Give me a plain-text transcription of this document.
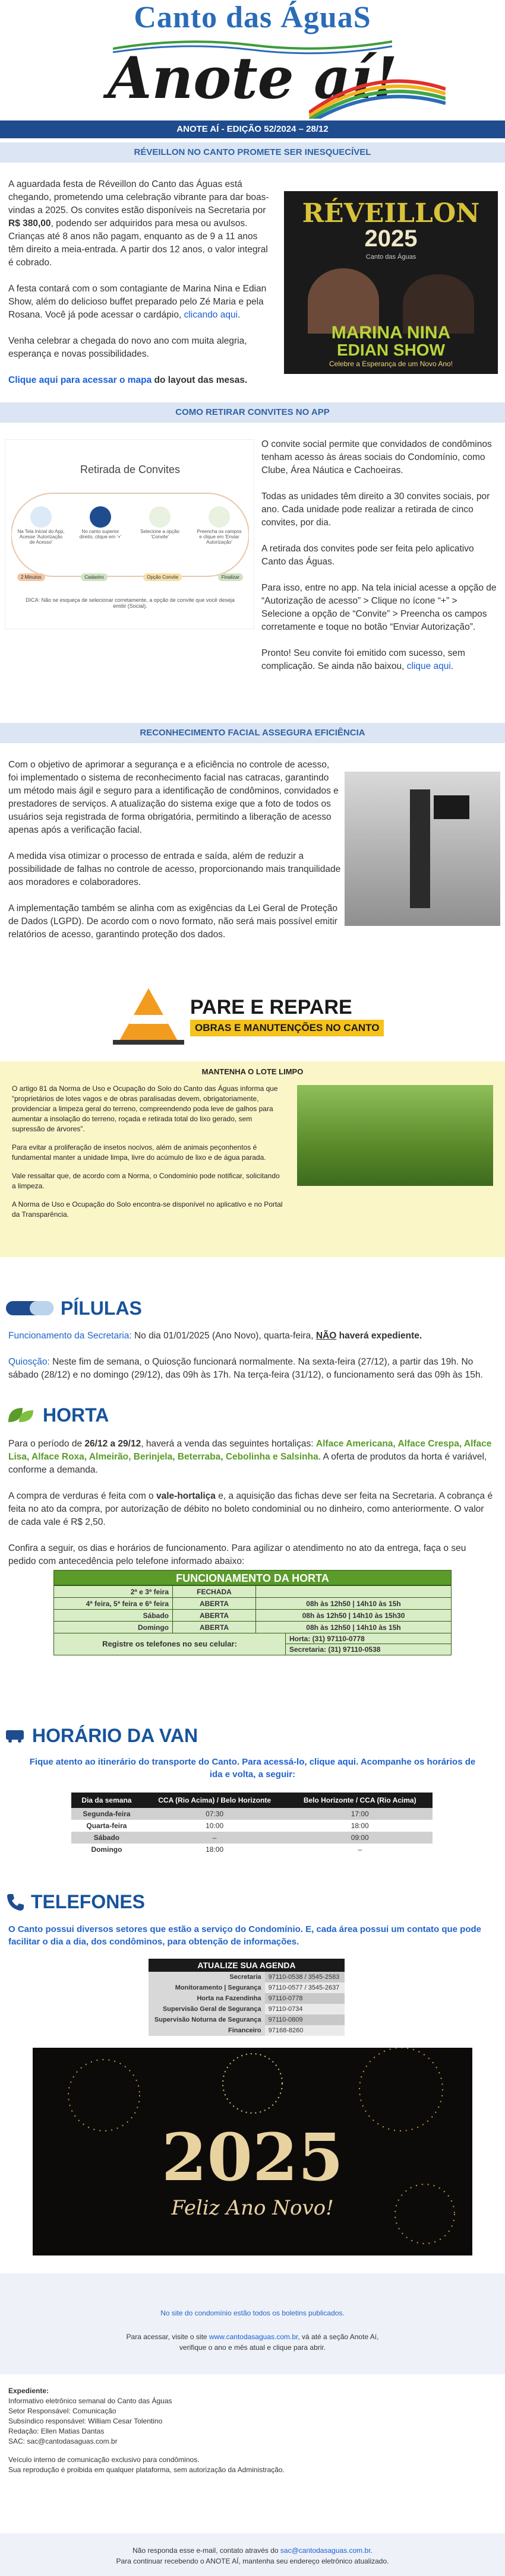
Canto das ÁguaS
Anote aí!
ANOTE AÍ - EDIÇÃO 52/2024 – 28/12
RÉVEILLON NO CANTO PROMETE SER INESQUECÍVEL

A aguardada festa de Réveillon do Canto das Águas está chegando, prometendo uma celebração vibrante para dar boas-vindas a 2025. Os convites estão disponíveis na Secretaria por R$ 380,00, podendo ser adquiridos para mesa ou avulsos. Crianças até 8 anos não pagam, enquanto as de 9 a 11 anos têm direito a meia-entrada. A partir dos 12 anos, o valor integral é cobrado.

A festa contará com o som contagiante de Marina Nina e Edian Show, além do delicioso buffet preparado pelo Zé Maria e pela Rosana. Você já pode acessar o cardápio, clicando aqui.

Venha celebrar a chegada do novo ano com muita alegria, esperança e novas possibilidades.

Clique aqui para acessar o mapa do layout das mesas.

RÉVEILLON
2025
Canto das Águas
MARINA NINA
EDIAN SHOW
Celebre a Esperança de um Novo Ano!
COMO RETIRAR CONVITES NO APP
Retirada de Convites
Na Tela Inicial do App, Acesse 'Autorização de Acesso'
No canto superior direito, clique em '+'
Selecione a opção 'Convite'
Preencha os campos e clique em 'Enviar Autorização'
2 Minutos	Cadastro	Opção Convite	Finalizar
DICA: Não se esqueça de selecionar corretamente, a opção de convite que você deseja emitir (Social).

O convite social permite que convidados de condôminos tenham acesso às áreas sociais do Condomínio, como Clube, Área Náutica e Cachoeiras.

Todas as unidades têm direito a 30 convites sociais, por ano. Cada unidade pode realizar a retirada de cinco convites, por dia.

A retirada dos convites pode ser feita pelo aplicativo Canto das Águas.

Para isso, entre no app. Na tela inicial acesse a opção de “Autorização de acesso” > Clique no ícone “+” > Selecione a opção de “Convite” > Preencha os campos corretamente e toque no botão “Enviar Autorização”.

Pronto! Seu convite foi emitido com sucesso, sem complicação. Se ainda não baixou, clique aqui.

RECONHECIMENTO FACIAL ASSEGURA EFICIÊNCIA

Com o objetivo de aprimorar a segurança e a eficiência no controle de acesso, foi implementado o sistema de reconhecimento facial nas catracas, garantindo um método mais ágil e seguro para a identificação de condôminos, convidados e prestadores de serviços. A atualização do sistema exige que a foto de todos os usuários seja registrada de forma obrigatória, permitindo a liberação de acesso apenas após a verificação facial.

A medida visa otimizar o processo de entrada e saída, além de reduzir a possibilidade de falhas no controle de acesso, proporcionando mais tranquilidade aos moradores e colaboradores.

A implementação também se alinha com as exigências da Lei Geral de Proteção de Dados (LGPD). De acordo com o novo formato, não será mais possível emitir relatórios de acesso, garantindo proteção dos dados.

PARE E REPARE
OBRAS E MANUTENÇÕES NO CANTO
MANTENHA O LOTE LIMPO

O artigo 81 da Norma de Uso e Ocupação do Solo do Canto das Águas informa que “proprietários de lotes vagos e de obras paralisadas devem, obrigatoriamente, providenciar a limpeza geral do terreno, compreendendo poda leve de galhos para aumentar a insolação do terreno, roçada e retirada total do lixo gerado, sem supressão de árvores”.

Para evitar a proliferação de insetos nocivos, além de animais peçonhentos é fundamental manter a unidade limpa, livre do acúmulo de lixo e de água parada.

Vale ressaltar que, de acordo com a Norma, o Condomínio pode notificar, solicitando a limpeza.

A Norma de Uso e Ocupação do Solo encontra-se disponível no aplicativo e no Portal da Transparência.

PÍLULAS

Funcionamento da Secretaria: No dia 01/01/2025 (Ano Novo), quarta-feira, NÃO haverá expediente.

Quiosção: Neste fim de semana, o Quiosção funcionará normalmente. Na sexta-feira (27/12), a partir das 19h. No sábado (28/12) e no domingo (29/12), das 09h às 17h. Na terça-feira (31/12), o funcionamento será das 09h às 15h.

HORTA

Para o período de 26/12 a 29/12, haverá a venda das seguintes hortaliças: Alface Americana, Alface Crespa, Alface Lisa, Alface Roxa, Almeirão, Berinjela, Beterraba, Cebolinha e Salsinha. A oferta de produtos da horta é variável, conforme a demanda.

A compra de verduras é feita com o vale-hortaliça e, a aquisição das fichas deve ser feita na Secretaria. A cobrança é feita no ato da compra, por autorização de débito no boleto condominial ou no dinheiro, como anteriormente. O valor de cada vale é R$ 2,50.

Confira a seguir, os dias e horários de funcionamento. Para agilizar o atendimento no ato da entrega, faça o seu pedido com antecedência pelo telefone informado abaixo:

FUNCIONAMENTO DA HORTA
2ª e 3ª feira	FECHADA	
4ª feira, 5ª feira e 6ª feira	ABERTA	08h às 12h50 | 14h10 às 15h
Sábado	ABERTA	08h às 12h50 | 14h10 às 15h30
Domingo	ABERTA	08h às 12h50 | 14h10 às 15h
Registre os telefones no seu celular:
Horta: (31) 97110-0778
Secretaria: (31) 97110-0538
HORÁRIO DA VAN
Fique atento ao itinerário do transporte do Canto. Para acessá-lo, clique aqui. Acompanhe os horários de ida e volta, a seguir:
Dia da semana	CCA (Rio Acima) / Belo Horizonte	Belo Horizonte / CCA (Rio Acima)
Segunda-feira	07:30	17:00
Quarta-feira	10:00	18:00
Sábado	–	09:00
Domingo	18:00	–
TELEFONES
O Canto possui diversos setores que estão a serviço do Condomínio. E, cada área possui um contato que pode facilitar o dia a dia, dos condôminos, para obtenção de informações.
ATUALIZE SUA AGENDA
Secretaria	97110-0538 / 3545-2583
Monitoramento | Segurança	97110-0577 / 3545-2637
Horta na Fazendinha	97110-0778
Supervisão Geral de Segurança	97110-0734
Supervisão Noturna de Segurança	97110-0809
Financeiro	97168-8260
2025
Feliz Ano Novo!
No site do condomínio estão todos os boletins publicados.
Para acessar, visite o site www.cantodasaguas.com.br, vá até a seção Anote Aí,
verifique o ano e mês atual e clique para abrir.
Expediente:
Informativo eletrônico semanal do Canto das Águas
Setor Responsável: Comunicação
Subsíndico responsável: William Cesar Tolentino
Redação: Ellen Matias Dantas
SAC: sac@cantodasaguas.com.br
Veículo interno de comunicação exclusivo para condôminos.
Sua reprodução é proibida em qualquer plataforma, sem autorização da Administração.
Não responda esse e-mail, contato através do sac@cantodasaguas.com.br.
Para continuar recebendo o ANOTE AÍ, mantenha seu endereço eletrônico atualizado.
